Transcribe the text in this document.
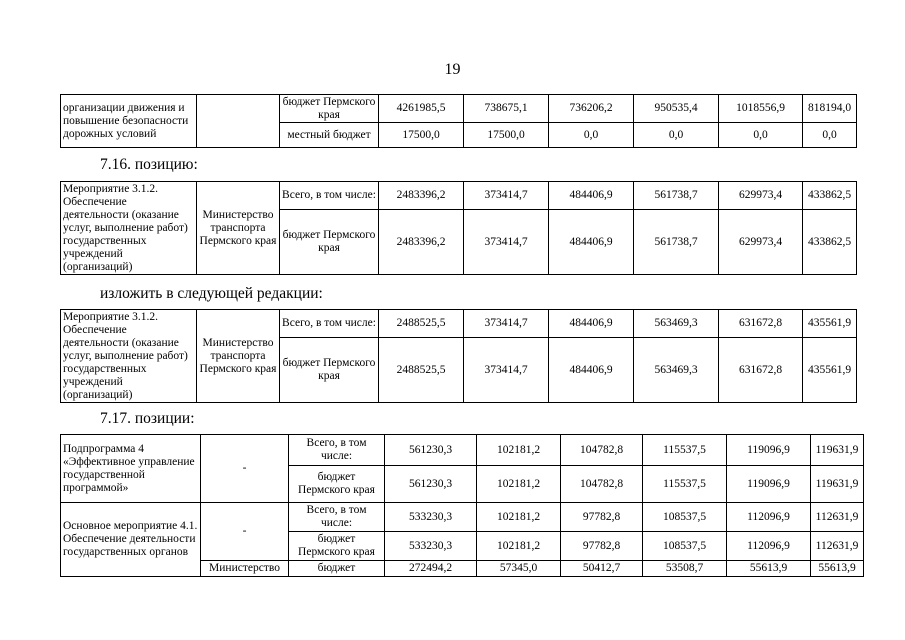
19
организации движения и повышение безопасности дорожных условий		бюджет Пермского края	4261985,5	738675,1	736206,2	950535,4	1018556,9	818194,0
		местный бюджет	17500,0	17500,0	0,0	0,0	0,0	0,0
7.16. позицию:
Мероприятие 3.1.2. Обеспечение деятельности (оказание услуг, выполнение работ) государственных учреждений (организаций)	Министерство транспорта Пермского края	Всего, в том числе:	2483396,2	373414,7	484406,9	561738,7	629973,4	433862,5
		бюджет Пермского края	2483396,2	373414,7	484406,9	561738,7	629973,4	433862,5
изложить в следующей редакции:
Мероприятие 3.1.2. Обеспечение деятельности (оказание услуг, выполнение работ) государственных учреждений (организаций)	Министерство транспорта Пермского края	Всего, в том числе:	2488525,5	373414,7	484406,9	563469,3	631672,8	435561,9
		бюджет Пермского края	2488525,5	373414,7	484406,9	563469,3	631672,8	435561,9
7.17. позиции:
Подпрограмма 4 «Эффективное управление государственной программой»	-	Всего, в том числе:	561230,3	102181,2	104782,8	115537,5	119096,9	119631,9
		бюджет Пермского края	561230,3	102181,2	104782,8	115537,5	119096,9	119631,9
Основное мероприятие 4.1. Обеспечение деятельности государственных органов	-	Всего, в том числе:	533230,3	102181,2	97782,8	108537,5	112096,9	112631,9
		бюджет Пермского края	533230,3	102181,2	97782,8	108537,5	112096,9	112631,9
	Министерство	бюджет	272494,2	57345,0	50412,7	53508,7	55613,9	55613,9
